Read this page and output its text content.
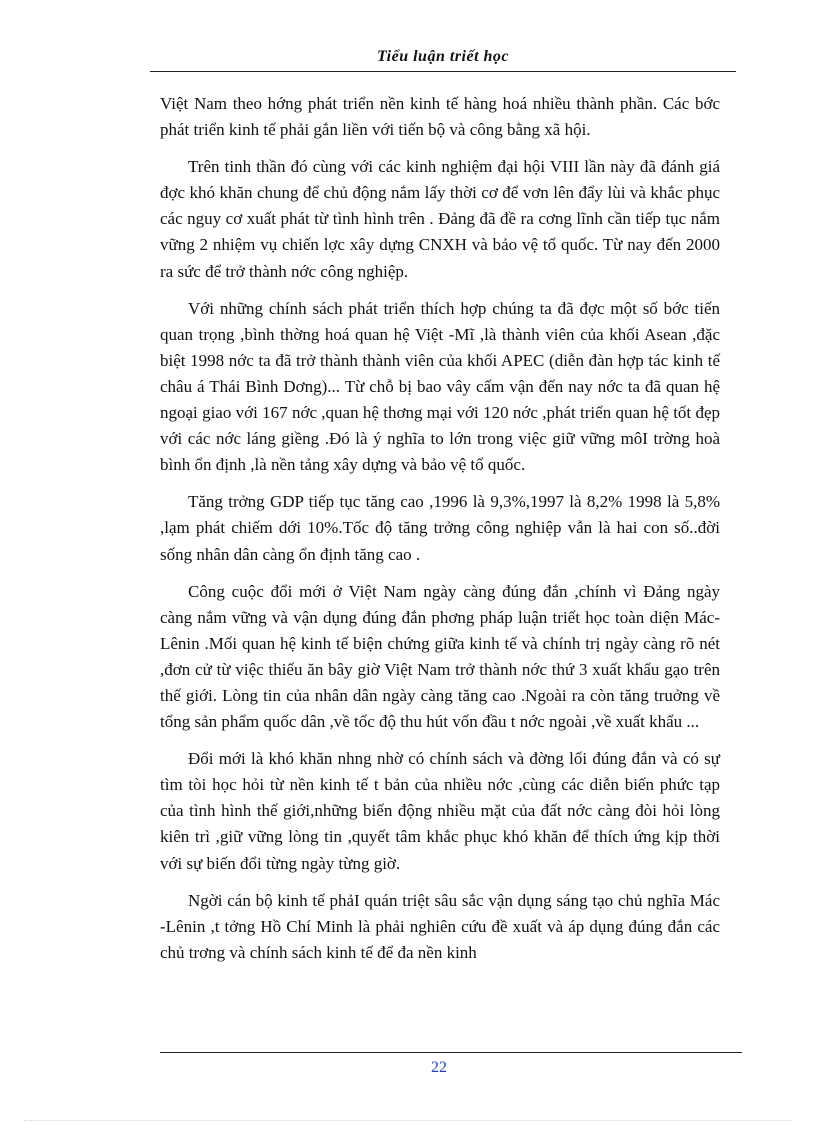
Tiểu luận triết học

Việt Nam theo hớng phát triển nền kinh tế hàng hoá nhiều thành phần. Các bớc phát triển kinh tế phải gắn liền với tiến bộ và công bằng xã hội.

Trên tinh thần đó cùng với các kinh nghiệm đại hội VIII lần này đã đánh giá đợc khó khăn chung để chủ động nắm lấy thời cơ để vơn lên đẩy lùi và khắc phục các nguy cơ xuất phát từ tình hình trên . Đảng đã đề ra cơng lĩnh cần tiếp tục nắm vững 2 nhiệm vụ chiến lợc xây dựng CNXH và bảo vệ tổ quốc. Từ nay đến 2000 ra sức để trở thành nớc công nghiệp.

Với những chính sách phát triển thích hợp chúng ta đã đợc một số bớc tiến quan trọng ,bình thờng hoá quan hệ Việt -Mĩ ,là thành viên của khối Asean ,đặc biệt 1998 nớc ta đã trở thành thành viên của khối APEC (diễn đàn hợp tác kinh tế châu á Thái Bình Dơng)... Từ chỗ bị bao vây cấm vận đến nay nớc ta đã quan hệ ngoại giao với 167 nớc ,quan hệ thơng mại với 120 nớc ,phát triển quan hệ tốt đẹp với các nớc láng giềng .Đó là ý nghĩa to lớn trong việc giữ vững môI trờng hoà bình ổn định ,là nền tảng xây dựng và bảo vệ tổ quốc.

Tăng trởng GDP tiếp tục tăng cao ,1996 là 9,3%,1997 là 8,2% 1998 là 5,8% ,lạm phát chiếm dới 10%.Tốc độ tăng trởng công nghiệp vẫn là hai con số..đời sống nhân dân càng ổn định tăng cao .

Công cuộc đổi mới ở Việt Nam ngày càng đúng đắn ,chính vì Đảng ngày càng nắm vững và vận dụng đúng đắn phơng pháp luận triết học toàn diện Mác-Lênin .Mối quan hệ kinh tế biện chứng giữa kinh tế và chính trị ngày càng rõ nét ,đơn cử từ việc thiếu ăn bây giờ Việt Nam trở thành nớc thứ 3 xuất khẩu gạo trên thế giới. Lòng tin của nhân dân ngày càng tăng cao .Ngoài ra còn tăng truởng về tổng sản phẩm quốc dân ,về tốc độ thu hút vốn đầu t nớc ngoài ,về xuất khẩu ...

Đổi mới là khó khăn nhng nhờ có chính sách và đờng lối đúng đắn và có sự tìm tòi học hỏi từ nền kinh tế t bản của nhiều nớc ,cùng các diễn biến phức tạp của tình hình thế giới,những biến động nhiều mặt của đất nớc càng đòi hỏi lòng kiên trì ,giữ vững lòng tin ,quyết tâm khắc phục khó khăn để thích ứng kịp thời với sự biến đổi từng ngày từng giờ.

Ngời cán bộ kinh tế phảI quán triệt sâu sắc vận dụng sáng tạo chủ nghĩa Mác -Lênin ,t tởng Hồ Chí Minh là phải nghiên cứu đề xuất và áp dụng đúng đắn các chủ trơng và chính sách kinh tế để đa nền kinh

22
